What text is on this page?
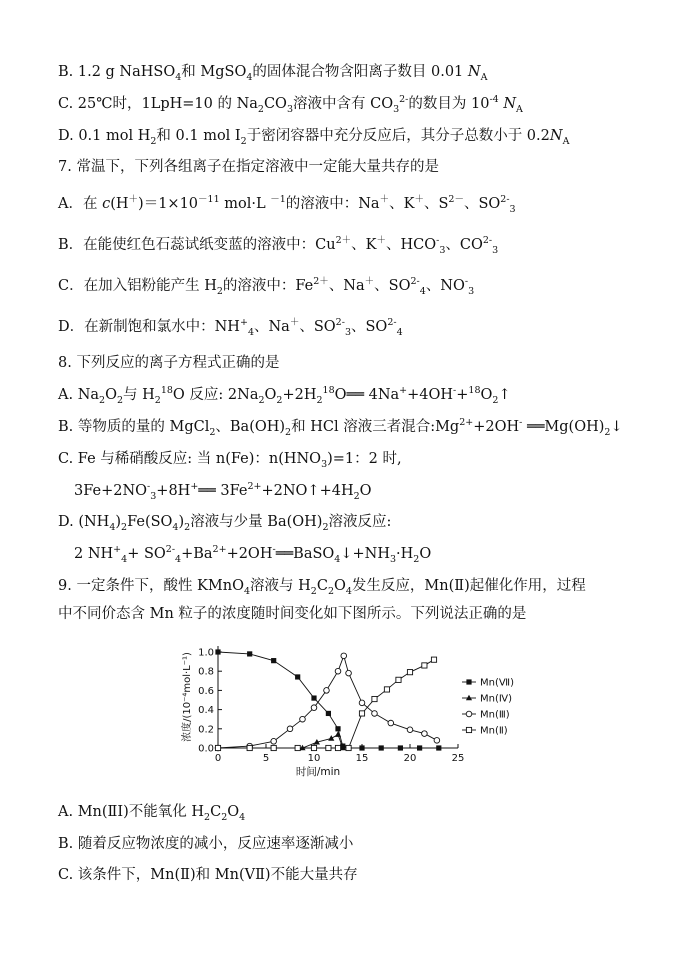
B. 1.2 g NaHSO$_4$和 MgSO$_4$的固体混合物含阳离子数目 0.01 $N_A$
C. 25℃时，1LpH=10 的 $Na_2CO_3$溶液中含有 $CO_3^{2-}$的数目为 $10^{-4}$ $N_A$
D. 0.1 mol $H_2$和 0.1 mol $I_2$于密闭容器中充分反应后，其分子总数小于 $0.2N_A$
7. 常温下，下列各组离子在指定溶液中一定能大量共存的是
A．在 $c(H^+)=1\times 10^{-11}$ mol·L $^{-1}$的溶液中：Na＋、K＋、$S^{2-}$、$SO^{2-}_3$
B．在能使红色石蕊试纸变蓝的溶液中：$Cu^{2+}$、K＋、$HCO^-_3$、$CO^{2-}_3$
C．在加入铝粉能产生 $H_2$的溶液中：$Fe^{2+}$、Na＋、$SO^{2-}_4$、$NO^-_3$
D．在新制饱和氯水中：$NH^+_4$、Na＋、$SO^{2-}_3$、$SO^{2-}_4$
8. 下列反应的离子方程式正确的是
A. $Na_2O_2$与 $H_2^{18}O$ 反应: $2Na_2O_2+2H_2^{18}O══$ $4Na^++4OH^-+^{18}O_2↑$
B. 等物质的量的 MgCl$_2$、$Ba(OH)_2$和 HCl 溶液三者混合$:Mg^{2+}+2OH^-$ $══Mg(OH)_2↓$
C. Fe 与稀硝酸反应: 当 n(Fe)：$n(HNO_3)=1$：2 时,
$3Fe+2NO^-_3+8H^+══$ $3Fe^{2+}+2NO↑+4H_2O$
D. $(NH_4)_2Fe(SO_4)_2$溶液与少量 $Ba(OH)_2$溶液反应:
2 $NH^+_4+$ $SO^{2-}_4+Ba^{2+}+2OH^-══BaSO_4↓+NH_3\cdot H_2O$
9. 一定条件下，酸性 KMnO$_4$溶液与 $H_2C_2O_4$发生反应，Mn(Ⅱ)起催化作用，过程
中不同价态含 Mn 粒子的浓度随时间变化如下图所示。下列说法正确的是
0.0
0.2
0.4
0.6
0.8
1.0
0	5	10	15	20	25
时间/min
浓度/(10⁻⁴mol·L⁻¹)	Mn(Ⅶ)
Mn(Ⅳ)
Mn(Ⅲ)
Mn(Ⅱ)
A. Mn(ⅡI)不能氧化 $H_2C_2O_4$
B. 随着反应物浓度的减小，反应速率逐渐减小
C. 该条件下，Mn(Ⅱ)和 Mn(VⅡ)不能大量共存
